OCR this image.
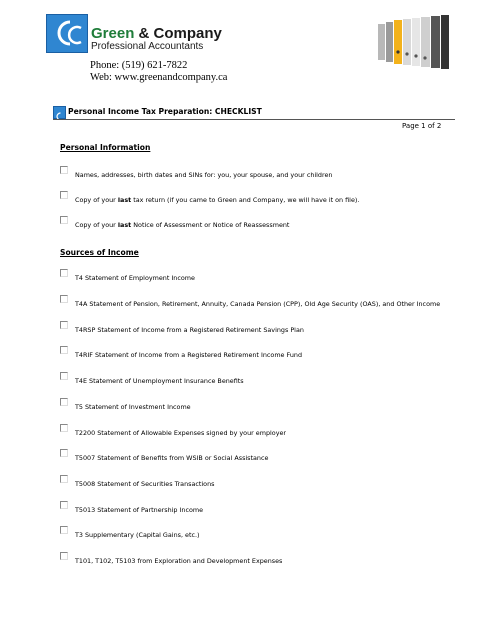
Green & Company
Professional Accountants
Phone: (519) 621-7822
Web: www.greenandcompany.ca
Personal Income Tax Preparation: CHECKLIST
Page 1 of 2
Personal Information
Names, addresses, birth dates and SINs for: you, your spouse, and your children
Copy of your last tax return (if you came to Green and Company, we will have it on file).
Copy of your last Notice of Assessment or Notice of Reassessment
Sources of Income
T4 Statement of Employment Income
T4A Statement of Pension, Retirement, Annuity, Canada Pension (CPP), Old Age Security (OAS), and Other Income
T4RSP Statement of Income from a Registered Retirement Savings Plan
T4RIF Statement of Income from a Registered Retirement Income Fund
T4E Statement of Unemployment Insurance Benefits
T5 Statement of Investment Income
T2200 Statement of Allowable Expenses signed by your employer
T5007 Statement of Benefits from WSIB or Social Assistance
T5008 Statement of Securities Transactions
T5013 Statement of Partnership Income
T3 Supplementary (Capital Gains, etc.)
T101, T102, T5103 from Exploration and Development Expenses
